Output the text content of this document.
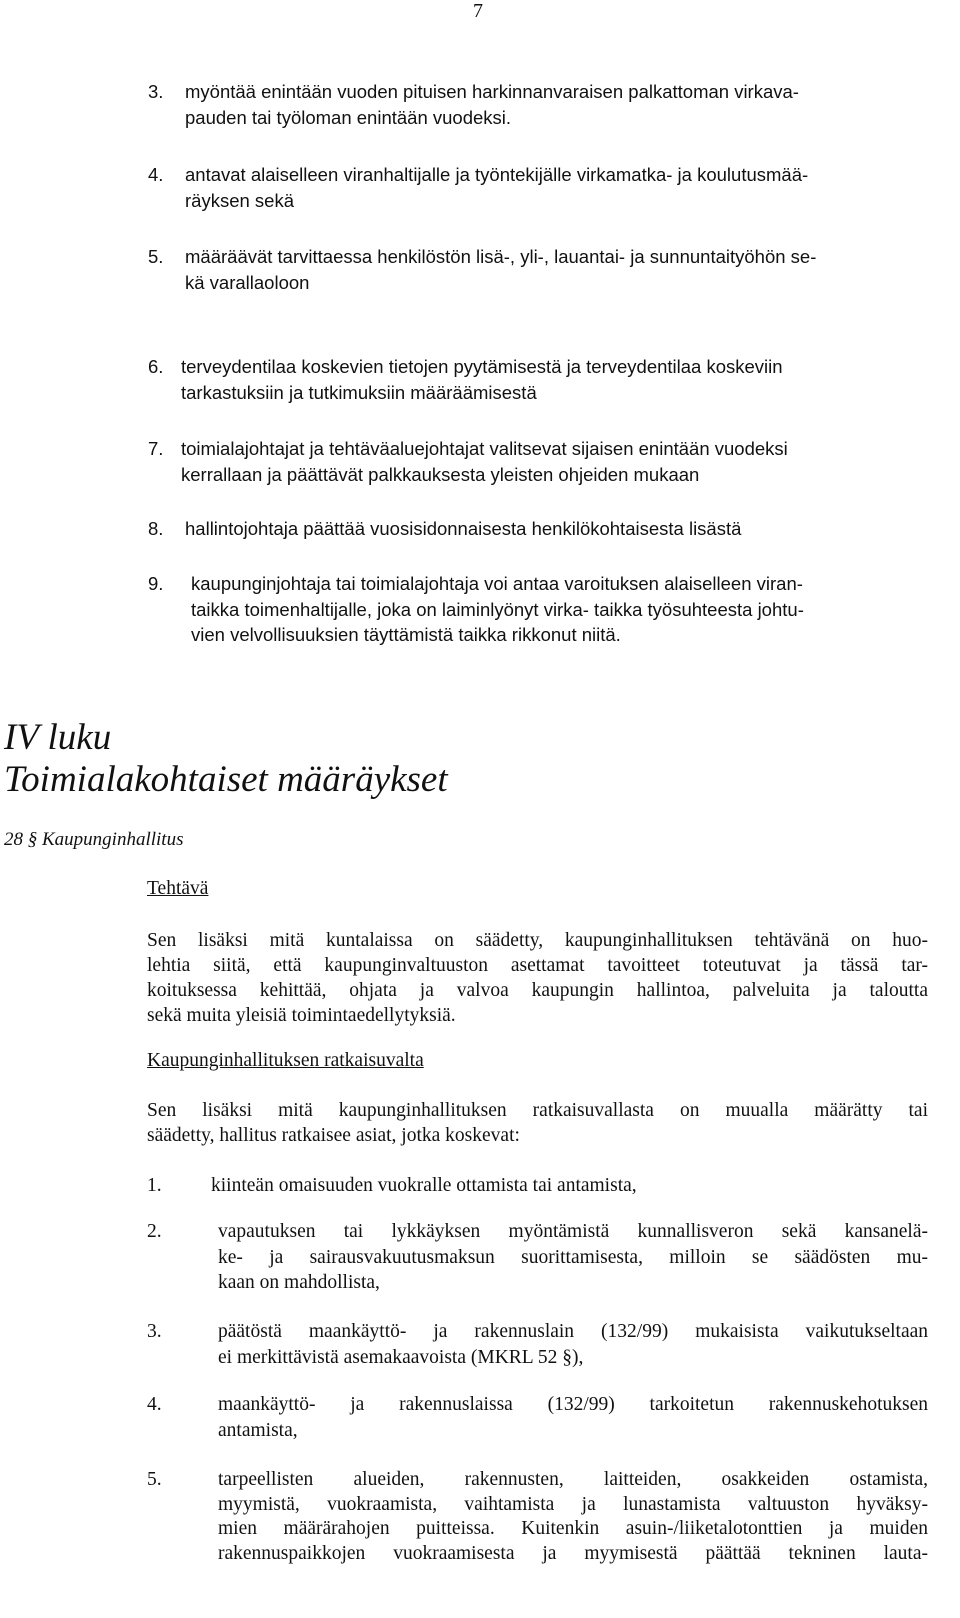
7
3. myöntää enintään vuoden pituisen harkinnanvaraisen palkattoman virkava-
pauden tai työloman enintään vuodeksi.
4. antavat alaiselleen viranhaltijalle ja työntekijälle virkamatka- ja koulutusmää-
räyksen sekä
5. määräävät tarvittaessa henkilöstön lisä-, yli-, lauantai- ja sunnuntaityöhön se-
kä varallaoloon
6. terveydentilaa koskevien tietojen pyytämisestä ja terveydentilaa koskeviin
tarkastuksiin ja tutkimuksiin määräämisestä
7. toimialajohtajat ja tehtäväaluejohtajat valitsevat sijaisen enintään vuodeksi
kerrallaan ja päättävät palkkauksesta yleisten ohjeiden mukaan
8. hallintojohtaja päättää vuosisidonnaisesta henkilökohtaisesta lisästä
9. kaupunginjohtaja tai toimialajohtaja voi antaa varoituksen alaiselleen viran-
taikka toimenhaltijalle, joka on laiminlyönyt virka- taikka työsuhteesta johtu-
vien velvollisuuksien täyttämistä taikka rikkonut niitä.
IV luku
Toimialakohtaiset määräykset
28 § Kaupunginhallitus
Tehtävä
Sen lisäksi mitä kuntalaissa on säädetty, kaupunginhallituksen tehtävänä on huo-
lehtia siitä, että kaupunginvaltuuston asettamat tavoitteet toteutuvat ja tässä tar-
koituksessa kehittää, ohjata ja valvoa kaupungin hallintoa, palveluita ja taloutta
sekä muita yleisiä toimintaedellytyksiä.
Kaupunginhallituksen ratkaisuvalta
Sen lisäksi mitä kaupunginhallituksen ratkaisuvallasta on muualla määrätty tai
säädetty, hallitus ratkaisee asiat, jotka koskevat:
1.	kiinteän omaisuuden vuokralle ottamista tai antamista,
2.	vapautuksen tai lykkäyksen myöntämistä kunnallisveron sekä kansanelä-
ke- ja sairausvakuutusmaksun suorittamisesta, milloin se säädösten mu-
kaan on mahdollista,
3.	päätöstä maankäyttö- ja rakennuslain (132/99) mukaisista vaikutukseltaan
ei merkittävistä asemakaavoista (MKRL 52 §),
4.	maankäyttö- ja rakennuslaissa (132/99) tarkoitetun rakennuskehotuksen
antamista,
5.	tarpeellisten alueiden, rakennusten, laitteiden, osakkeiden ostamista,
myymistä, vuokraamista, vaihtamista ja lunastamista valtuuston hyväksy-
mien määrärahojen puitteissa. Kuitenkin asuin-/liiketalotonttien ja muiden
rakennuspaikkojen vuokraamisesta ja myymisestä päättää tekninen lauta-
